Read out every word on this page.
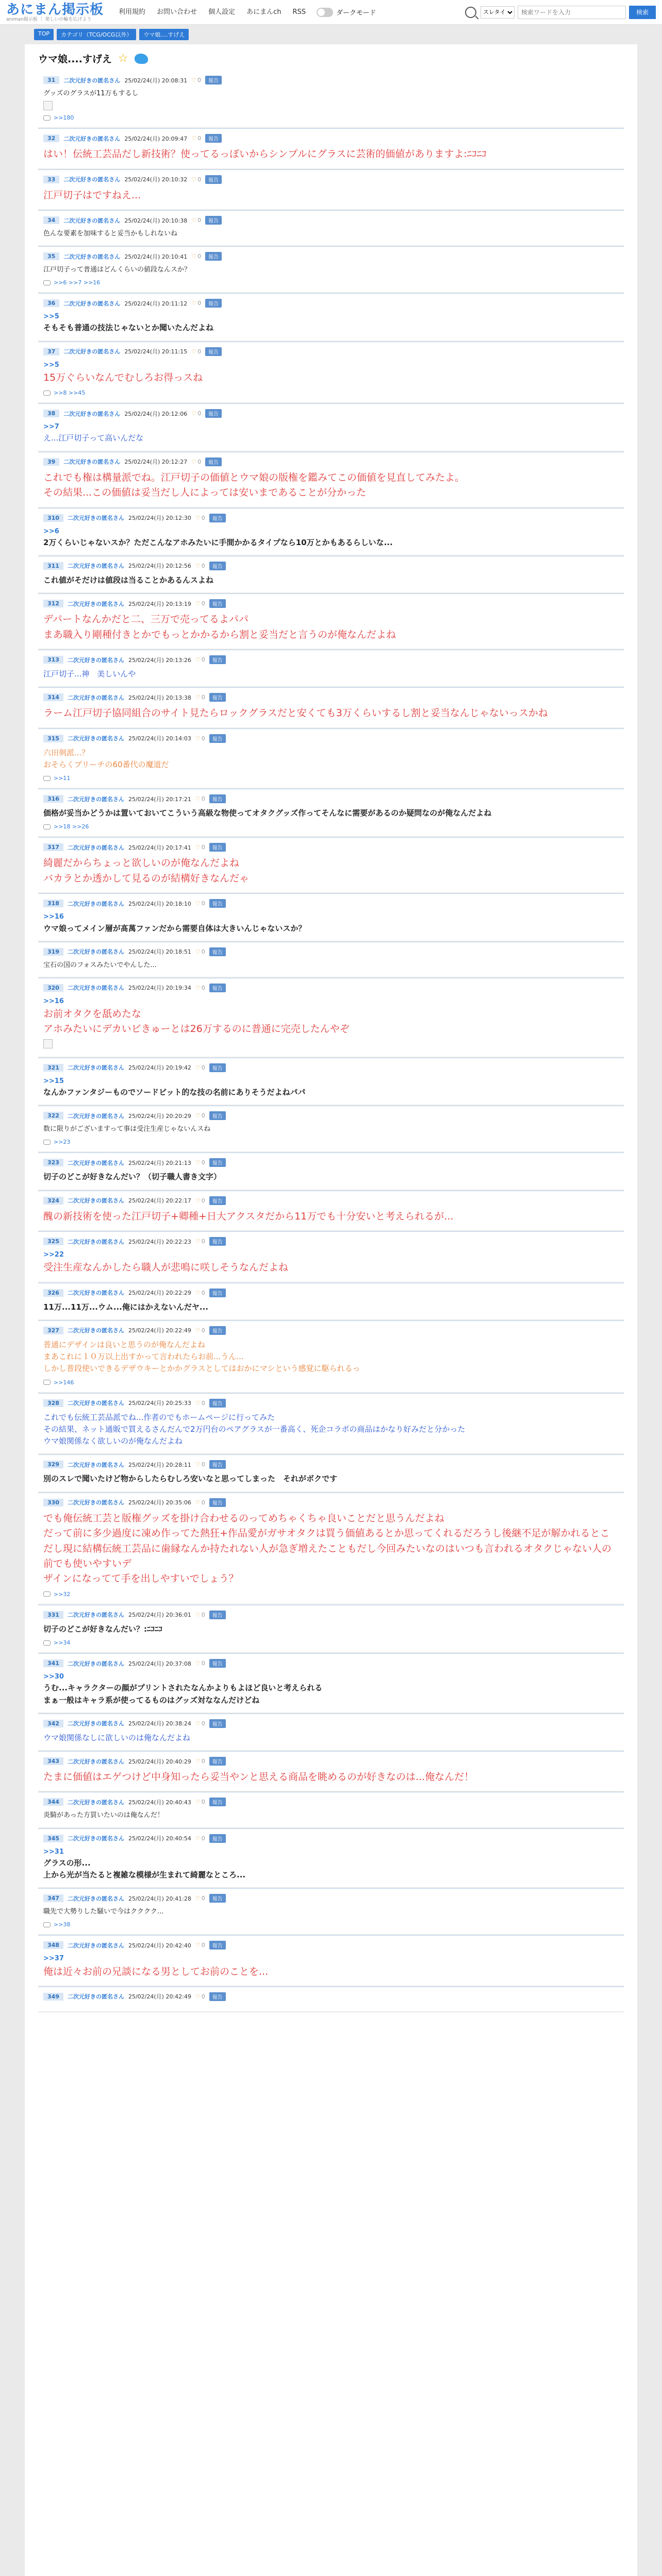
あにまん掲示板
animan掲示板 ｜ 楽しいの輪を広げよう
利用規約	お問い合わせ	個人設定	あにまんch	RSS	ダークモード
スレタイ
検索ワードを入力	検索
TOP	カテゴリ（TCG/OCG以外）	ウマ娘....すげえ
ウマ娘....すげえ ☆
31	二次元好きの匿名さん 25/02/24(月) 20:08:31 ♡ 0	報告

グッズのグラスが11万もするし

>>180
32	二次元好きの匿名さん 25/02/24(月) 20:09:47 ♡ 0	報告

はい！伝統工芸品だし新技術？使ってるっぽいからシンプルにグラスに芸術的価値がありますよ:ﾆｺﾆｺ

33	二次元好きの匿名さん 25/02/24(月) 20:10:32 ♡ 0	報告

江戸切子はですねえ...

34	二次元好きの匿名さん 25/02/24(月) 20:10:38 ♡ 0	報告

色んな要素を加味すると妥当かもしれないね

35	二次元好きの匿名さん 25/02/24(月) 20:10:41 ♡ 0	報告

江戸切子って普通はどんくらいの値段なんスか？

>>6 >>7 >>16
36	二次元好きの匿名さん 25/02/24(月) 20:11:12 ♡ 0	報告

>>5

そもそも普通の技法じゃないとか聞いたんだよね

37	二次元好きの匿名さん 25/02/24(月) 20:11:15 ♡ 0	報告

>>5

15万ぐらいなんでむしろお得っスね

>>8 >>45
38	二次元好きの匿名さん 25/02/24(月) 20:12:06 ♡ 0	報告

>>7

え...江戸切子って高いんだな

39	二次元好きの匿名さん 25/02/24(月) 20:12:27 ♡ 0	報告

これでも権は構量派でね。江戸切子の価値とウマ娘の版権を鑑みてこの価値を見直してみたよ。

その結果...この価値は妥当だし人によっては安いまであることが分かった

310	二次元好きの匿名さん 25/02/24(月) 20:12:30 ♡ 0	報告

>>6

2万くらいじゃないスか？ただこんなアホみたいに手間かかるタイプなら10万とかもあるらしいな...

311	二次元好きの匿名さん 25/02/24(月) 20:12:56 ♡ 0	報告

これ値がそだけは値段は当ることかあるんスよね

312	二次元好きの匿名さん 25/02/24(月) 20:13:19 ♡ 0	報告

デパートなんかだと二、三万で売ってるよパパ

まあ職入り剛種付きとかでもっとかかるから割と妥当だと言うのが俺なんだよね

313	二次元好きの匿名さん 25/02/24(月) 20:13:26 ♡ 0	報告

江戸切子...神　美しいんや

314	二次元好きの匿名さん 25/02/24(月) 20:13:38 ♡ 0	報告

ラーム江戸切子協同組合のサイト見たらロックグラスだと安くても3万くらいするし割と妥当なんじゃないっスかね

315	二次元好きの匿名さん 25/02/24(月) 20:14:03 ♡ 0	報告

六田剣派...？

おそらくブリーチの60番代の魔道だ

>>11
316	二次元好きの匿名さん 25/02/24(月) 20:17:21 ♡ 0	報告

価格が妥当かどうかは置いておいてこういう高級な物使ってオタクグッズ作ってそんなに需要があるのか疑問なのが俺なんだよね

>>18 >>26
317	二次元好きの匿名さん 25/02/24(月) 20:17:41 ♡ 0	報告

綺麗だからちょっと欲しいのが俺なんだよね

バカラとか透かして見るのが結構好きなんだゃ

318	二次元好きの匿名さん 25/02/24(月) 20:18:10 ♡ 0	報告

>>16

ウマ娘ってメイン層が髙萬ファンだから需要自体は大きいんじゃないスか？

319	二次元好きの匿名さん 25/02/24(月) 20:18:51 ♡ 0	報告

宝石の国のフォスみたいでやんした...

320	二次元好きの匿名さん 25/02/24(月) 20:19:34 ♡ 0	報告

>>16

お前オタクを舐めたな

アホみたいにデカいビきゅーとは26万するのに普通に完売したんやぞ

321	二次元好きの匿名さん 25/02/24(月) 20:19:42 ♡ 0	報告

>>15

なんかファンタジーものでソードビット的な技の名前にありそうだよねパパ

322	二次元好きの匿名さん 25/02/24(月) 20:20:29 ♡ 0	報告

数に限りがございますって事は受注生産じゃないんスね

>>23
323	二次元好きの匿名さん 25/02/24(月) 20:21:13 ♡ 0	報告

切子のどこが好きなんだい？（切子職人書き文字）

324	二次元好きの匿名さん 25/02/24(月) 20:22:17 ♡ 0	報告

醜の新技術を使った江戸切子+卿種+日大アクスタだから11万でも十分安いと考えられるが...

325	二次元好きの匿名さん 25/02/24(月) 20:22:23 ♡ 0	報告

>>22

受注生産なんかしたら職人が悲鳴に咲しそうなんだよね

326	二次元好きの匿名さん 25/02/24(月) 20:22:29 ♡ 0	報告

11万...11万...ウム...俺にはかえないんだヤ...

327	二次元好きの匿名さん 25/02/24(月) 20:22:49 ♡ 0	報告

普通にデザインは良いと思うのが俺なんだよね

まあこれに１０万以上出すかって言われたらお前...うん...

しかし普段使いできるデザウキーとかかグラスとしてはおかにマシという感覚に駆られるっ

>>146
328	二次元好きの匿名さん 25/02/24(月) 20:25:33 ♡ 0	報告

これでも伝統工芸品派でね...作者のでもホームページに行ってみた

その結果、ネット通販で買えるさんだんで2万円台のペアグラスが一番高く、死企コラボの商品はかなり好みだと分かった

ウマ娘関係なく欲しいのが俺なんだよね

329	二次元好きの匿名さん 25/02/24(月) 20:28:11 ♡ 0	報告

別のスレで聞いたけど物からしたらむしろ安いなと思ってしまった　それがボクです

330	二次元好きの匿名さん 25/02/24(月) 20:35:06 ♡ 0	報告

でも俺伝統工芸と版権グッズを掛け合わせるのってめちゃくちゃ良いことだと思うんだよね

だって前に多少過度に凍め作ってた熱狂+作品愛がガサオタクは買う価値あるとか思ってくれるだろうし後継不足が解かれるとこ

だし現に結構伝統工芸品に歯縁なんか持たれない人が急ぎ増えたこともだし今回みたいなのはいつも言われるオタクじゃない人の前でも使いやすいデ

ザインになってて手を出しやすいでしょう？

>>32
331	二次元好きの匿名さん 25/02/24(月) 20:36:01 ♡ 0	報告

切子のどこが好きなんだい？:ﾆｺﾆｺ

>>34
341	二次元好きの匿名さん 25/02/24(月) 20:37:08 ♡ 0	報告

>>30

うむ...キャラクターの顔がプリントされたなんかよりもよほど良いと考えられる

まぁ一般はキャラ系が使ってるものはグッズ対ななんだけどね

342	二次元好きの匿名さん 25/02/24(月) 20:38:24 ♡ 0	報告

ウマ娘関係なしに欲しいのは俺なんだよね

343	二次元好きの匿名さん 25/02/24(月) 20:40:29 ♡ 0	報告

たまに価値はエゲつけど中身知ったら妥当やンと思える商品を眺めるのが好きなのは...俺なんだ！

344	二次元好きの匿名さん 25/02/24(月) 20:40:43 ♡ 0	報告

炎騎があった方買いたいのは俺なんだ！

345	二次元好きの匿名さん 25/02/24(月) 20:40:54 ♡ 0	報告

>>31

グラスの形...

上から光が当たると複雑な模様が生まれて綺麗なところ...

347	二次元好きの匿名さん 25/02/24(月) 20:41:28 ♡ 0	報告

職先で大勢りした騒いで今はクククク...

>>38
348	二次元好きの匿名さん 25/02/24(月) 20:42:40 ♡ 0	報告

>>37

俺は近々お前の兄談になる男としてお前のことを...

349	二次元好きの匿名さん 25/02/24(月) 20:42:49 ♡ 0	報告
